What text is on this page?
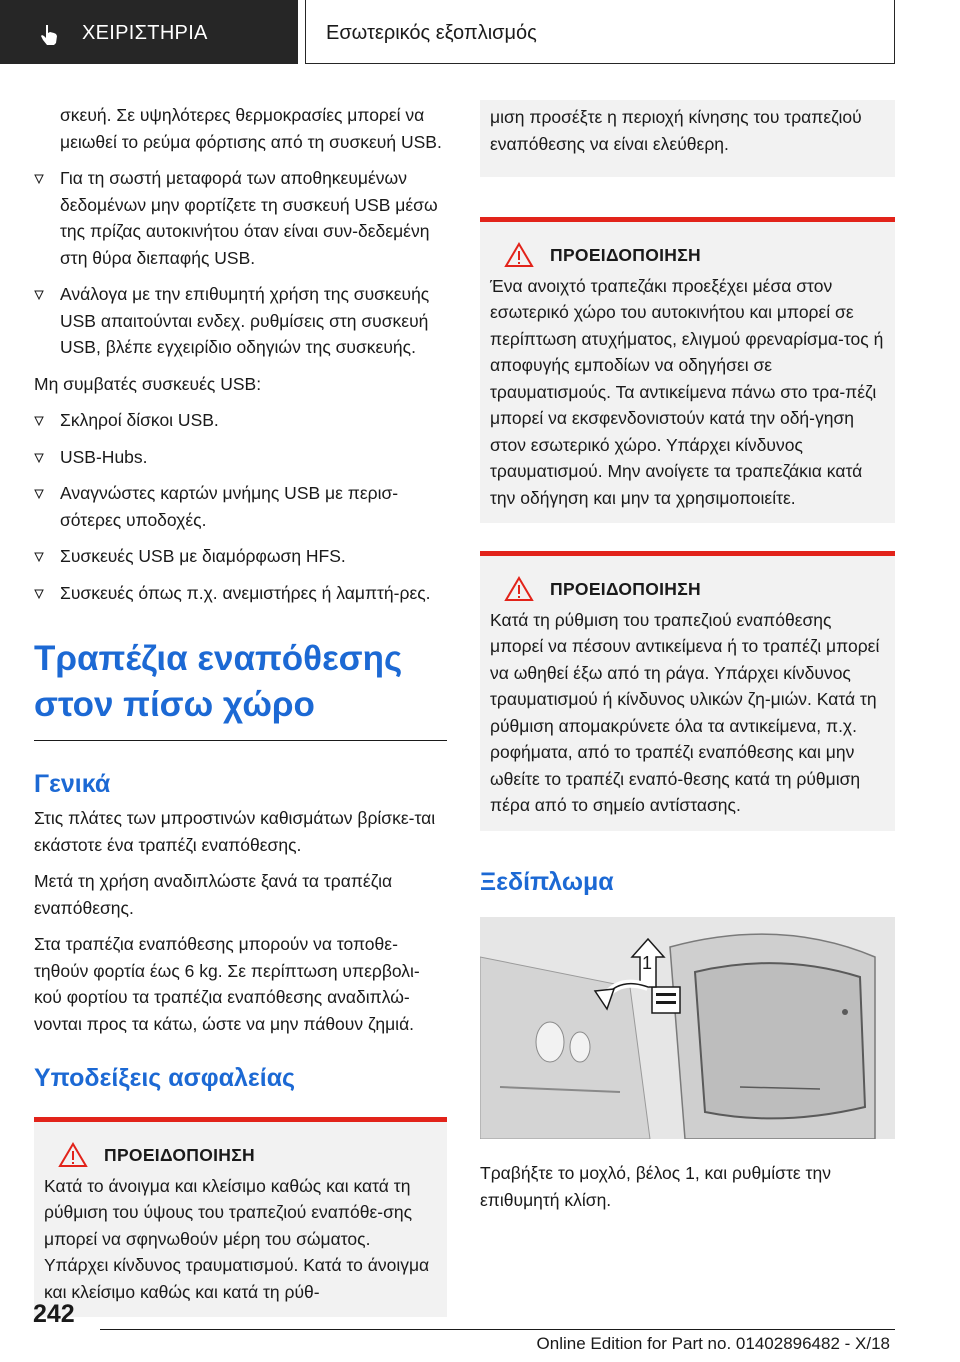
ΧΕΙΡΙΣΤΗΡΙΑ	Εσωτερικός εξοπλισμός

σκευή. Σε υψηλότερες θερμοκρασίες μπορεί να μειωθεί το ρεύμα φόρτισης από τη συσκευή USB.

Για τη σωστή μεταφορά των αποθηκευμένων δεδομένων μην φορτίζετε τη συσκευή USB μέσω της πρίζας αυτοκινήτου όταν είναι συν-δεδεμένη στη θύρα διεπαφής USB.
Ανάλογα με την επιθυμητή χρήση της συσκευής USB απαιτούνται ενδεχ. ρυθμίσεις στη συσκευή USB, βλέπε εγχειρίδιο οδηγιών της συσκευής.

Μη συμβατές συσκευές USB:

Σκληροί δίσκοι USB.
USB-Hubs.
Αναγνώστες καρτών μνήμης USB με περισ-σότερες υποδοχές.
Συσκευές USB με διαμόρφωση HFS.
Συσκευές όπως π.χ. ανεμιστήρες ή λαμπτή-ρες.
Τραπέζια εναπόθεσης στον πίσω χώρο
Γενικά

Στις πλάτες των μπροστινών καθισμάτων βρίσκε-ται εκάστοτε ένα τραπέζι εναπόθεσης.

Μετά τη χρήση αναδιπλώστε ξανά τα τραπέζια εναπόθεσης.

Στα τραπέζια εναπόθεσης μπορούν να τοποθε-τηθούν φορτία έως 6 kg. Σε περίπτωση υπερβολι-κού φορτίου τα τραπέζια εναπόθεσης αναδιπλώ-νονται προς τα κάτω, ώστε να μην πάθουν ζημιά.

Υποδείξεις ασφαλείας
ΠΡΟΕΙΔΟΠΟΙΗΣΗ
Κατά το άνοιγμα και κλείσιμο καθώς και κατά τη ρύθμιση του ύψους του τραπεζιού εναπόθε-σης μπορεί να σφηνωθούν μέρη του σώματος. Υπάρχει κίνδυνος τραυματισμού. Κατά το άνοιγμα και κλείσιμο καθώς και κατά τη ρύθ-
μιση προσέξτε η περιοχή κίνησης του τραπεζιού εναπόθεσης να είναι ελεύθερη.
ΠΡΟΕΙΔΟΠΟΙΗΣΗ
Ένα ανοιχτό τραπεζάκι προεξέχει μέσα στον εσωτερικό χώρο του αυτοκινήτου και μπορεί σε περίπτωση ατυχήματος, ελιγμού φρεναρίσμα-τος ή αποφυγής εμποδίων να οδηγήσει σε τραυματισμούς. Τα αντικείμενα πάνω στο τρα-πέζι μπορεί να εκσφενδονιστούν κατά την οδή-γηση στον εσωτερικό χώρο. Υπάρχει κίνδυνος τραυματισμού. Μην ανοίγετε τα τραπεζάκια κατά την οδήγηση και μην τα χρησιμοποιείτε.
ΠΡΟΕΙΔΟΠΟΙΗΣΗ
Κατά τη ρύθμιση του τραπεζιού εναπόθεσης μπορεί να πέσουν αντικείμενα ή το τραπέζι μπορεί να ωθηθεί έξω από τη ράγα. Υπάρχει κίνδυνος τραυματισμού ή κίνδυνος υλικών ζη-μιών. Κατά τη ρύθμιση απομακρύνετε όλα τα αντικείμενα, π.χ. ροφήματα, από το τραπέζι εναπόθεσης και μην ωθείτε το τραπέζι εναπό-θεσης κατά τη ρύθμιση πέρα από το σημείο αντίστασης.
Ξεδίπλωμα
1

Τραβήξτε το μοχλό, βέλος 1, και ρυθμίστε την επιθυμητή κλίση.

242
Online Edition for Part no. 01402896482 - X/18
